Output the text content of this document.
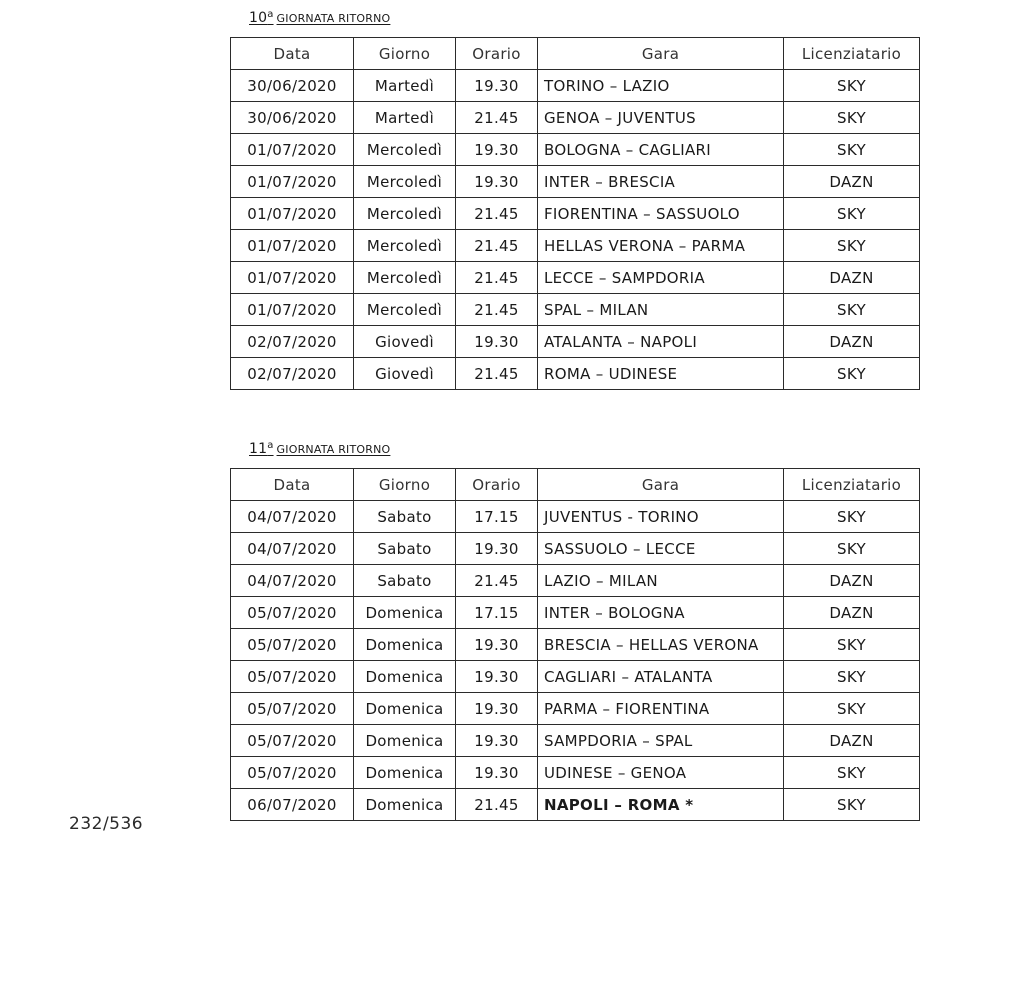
10$^a$ GIORNATA RITORNO
Data	Giorno	Orario	Gara	Licenziatario
30/06/2020	Martedì	19.30	TORINO – LAZIO	SKY
30/06/2020	Martedì	21.45	GENOA – JUVENTUS	SKY
01/07/2020	Mercoledì	19.30	BOLOGNA – CAGLIARI	SKY
01/07/2020	Mercoledì	19.30	INTER – BRESCIA	DAZN
01/07/2020	Mercoledì	21.45	FIORENTINA – SASSUOLO	SKY
01/07/2020	Mercoledì	21.45	HELLAS VERONA – PARMA	SKY
01/07/2020	Mercoledì	21.45	LECCE – SAMPDORIA	DAZN
01/07/2020	Mercoledì	21.45	SPAL – MILAN	SKY
02/07/2020	Giovedì	19.30	ATALANTA – NAPOLI	DAZN
02/07/2020	Giovedì	21.45	ROMA – UDINESE	SKY
11$^a$ GIORNATA RITORNO
Data	Giorno	Orario	Gara	Licenziatario
04/07/2020	Sabato	17.15	JUVENTUS - TORINO	SKY
04/07/2020	Sabato	19.30	SASSUOLO – LECCE	SKY
04/07/2020	Sabato	21.45	LAZIO – MILAN	DAZN
05/07/2020	Domenica	17.15	INTER – BOLOGNA	DAZN
05/07/2020	Domenica	19.30	BRESCIA – HELLAS VERONA	SKY
05/07/2020	Domenica	19.30	CAGLIARI – ATALANTA	SKY
05/07/2020	Domenica	19.30	PARMA – FIORENTINA	SKY
05/07/2020	Domenica	19.30	SAMPDORIA – SPAL	DAZN
05/07/2020	Domenica	19.30	UDINESE – GENOA	SKY
06/07/2020	Domenica	21.45	NAPOLI – ROMA *	SKY
232/536
